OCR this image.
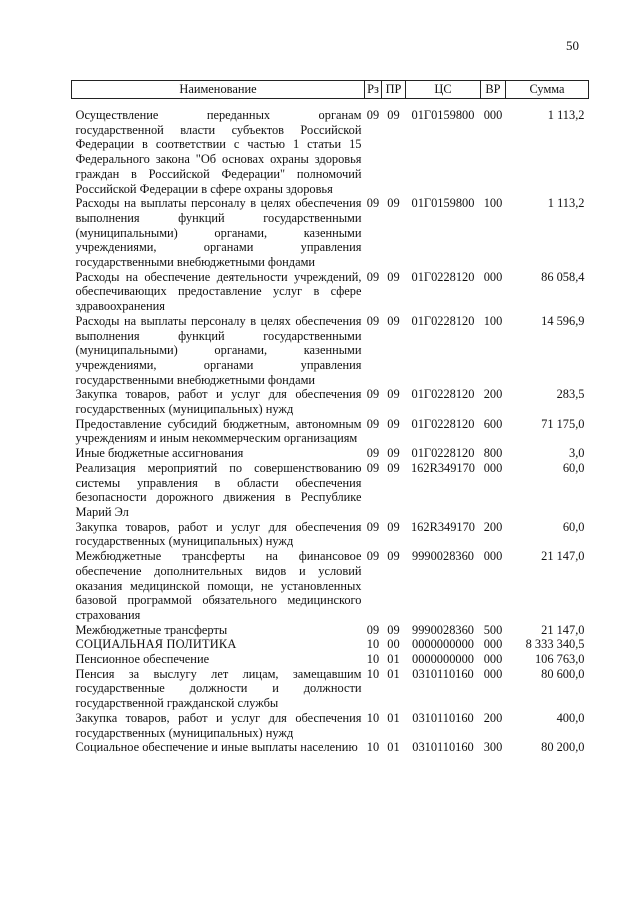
50
Наименование	Рз	ПР	ЦС	ВР	Сумма
Осуществление переданных органам государственной власти субъектов Российской Федерации в соответствии с частью 1 статьи 15 Федерального закона "Об основах охраны здоровья граждан в Российской Федерации" полномочий Российской Федерации в сфере охраны здоровья	09	09	01Г0159800	000	1 113,2
Расходы на выплаты персоналу в целях обеспечения выполнения функций государственными (муниципальными) органами, казенными учреждениями, органами управления государственными внебюджетными фондами	09	09	01Г0159800	100	1 113,2
Расходы на обеспечение деятельности учреждений, обеспечивающих предоставление услуг в сфере здравоохранения	09	09	01Г0228120	000	86 058,4
Расходы на выплаты персоналу в целях обеспечения выполнения функций государственными (муниципальными) органами, казенными учреждениями, органами управления государственными внебюджетными фондами	09	09	01Г0228120	100	14 596,9
Закупка товаров, работ и услуг для обеспечения государственных (муниципальных) нужд	09	09	01Г0228120	200	283,5
Предоставление субсидий бюджетным, автономным учреждениям и иным некоммерческим организациям	09	09	01Г0228120	600	71 175,0
Иные бюджетные ассигнования	09	09	01Г0228120	800	3,0
Реализация мероприятий по совершенствованию системы управления в области обеспечения безопасности дорожного движения в Республике Марий Эл	09	09	162R349170	000	60,0
Закупка товаров, работ и услуг для обеспечения государственных (муниципальных) нужд	09	09	162R349170	200	60,0
Межбюджетные трансферты на финансовое обеспечение дополнительных видов и условий оказания медицинской помощи, не установленных базовой программой обязательного медицинского страхования	09	09	9990028360	000	21 147,0
Межбюджетные трансферты	09	09	9990028360	500	21 147,0
СОЦИАЛЬНАЯ ПОЛИТИКА	10	00	0000000000	000	8 333 340,5
Пенсионное обеспечение	10	01	0000000000	000	106 763,0
Пенсия за выслугу лет лицам, замещавшим государственные должности и должности государственной гражданской службы	10	01	0310110160	000	80 600,0
Закупка товаров, работ и услуг для обеспечения государственных (муниципальных) нужд	10	01	0310110160	200	400,0
Социальное обеспечение и иные выплаты населению	10	01	0310110160	300	80 200,0
